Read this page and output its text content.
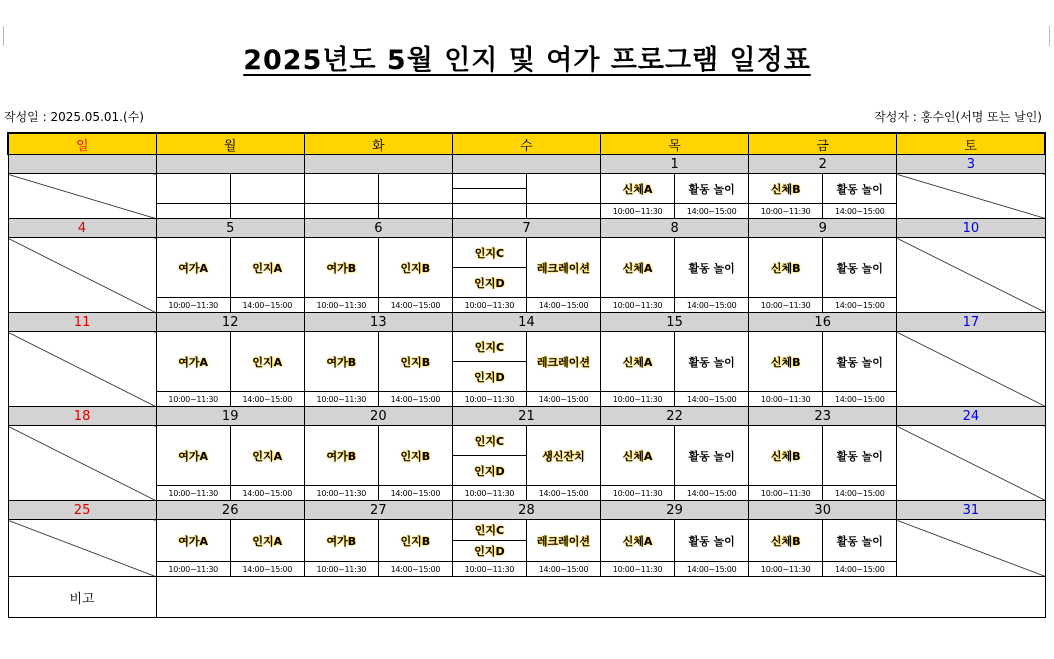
2025년도 5월 인지 및 여가 프로그램 일정표
작성일 : 2025.05.01.(수)	작성자 : 홍수인(서명 또는 날인)
일	월		화		수		목		금		토
							1		2		3
							신체A	활동 놀이	신체B	활동 놀이	

							10:00~11:30	14:00~15:00	10:00~11:30	14:00~15:00	
4	5		6		7		8		9		10
	여가A	인지A	여가B	인지B	인지C	레크레이션	신체A	활동 놀이	신체B	활동 놀이	
					인지D						
	10:00~11:30	14:00~15:00	10:00~11:30	14:00~15:00	10:00~11:30	14:00~15:00	10:00~11:30	14:00~15:00	10:00~11:30	14:00~15:00	
11	12		13		14		15		16		17
	여가A	인지A	여가B	인지B	인지C	레크레이션	신체A	활동 놀이	신체B	활동 놀이	
					인지D						
	10:00~11:30	14:00~15:00	10:00~11:30	14:00~15:00	10:00~11:30	14:00~15:00	10:00~11:30	14:00~15:00	10:00~11:30	14:00~15:00	
18	19		20		21		22		23		24
	여가A	인지A	여가B	인지B	인지C	생신잔치	신체A	활동 놀이	신체B	활동 놀이	
					인지D						
	10:00~11:30	14:00~15:00	10:00~11:30	14:00~15:00	10:00~11:30	14:00~15:00	10:00~11:30	14:00~15:00	10:00~11:30	14:00~15:00	
25	26		27		28		29		30		31
	여가A	인지A	여가B	인지B	인지C	레크레이션	신체A	활동 놀이	신체B	활동 놀이	
					인지D						
	10:00~11:30	14:00~15:00	10:00~11:30	14:00~15:00	10:00~11:30	14:00~15:00	10:00~11:30	14:00~15:00	10:00~11:30	14:00~15:00	
비고											
